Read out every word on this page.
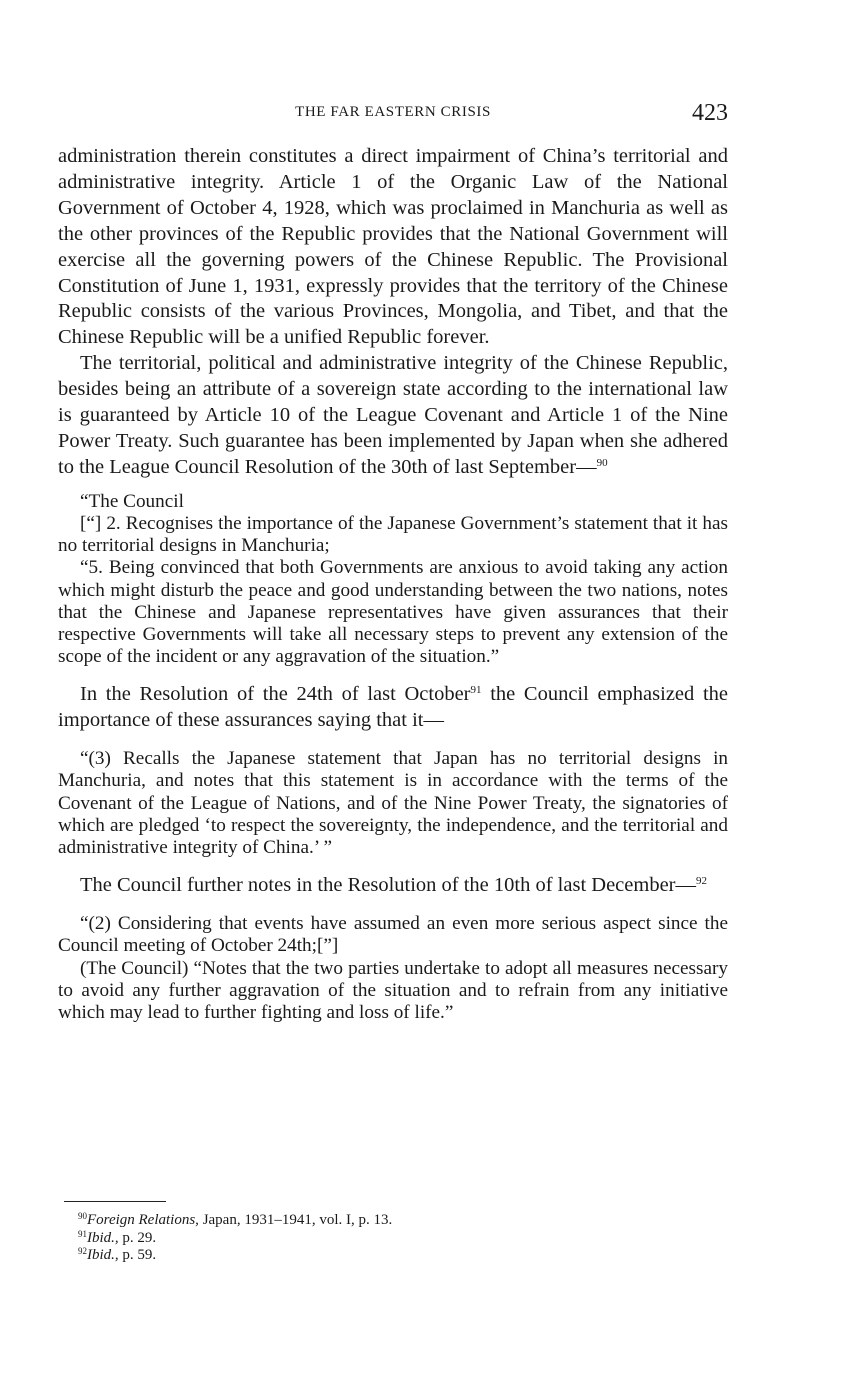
THE FAR EASTERN CRISIS	423

administration therein constitutes a direct impairment of China’s territorial and administrative integrity. Article 1 of the Organic Law of the National Government of October 4, 1928, which was proclaimed in Manchuria as well as the other provinces of the Republic provides that the National Government will exercise all the governing powers of the Chinese Republic. The Provisional Constitution of June 1, 1931, expressly provides that the territory of the Chinese Republic consists of the various Provinces, Mongolia, and Tibet, and that the Chinese Republic will be a unified Republic forever.

The territorial, political and administrative integrity of the Chinese Republic, besides being an attribute of a sovereign state according to the international law is guaranteed by Article 10 of the League Covenant and Article 1 of the Nine Power Treaty. Such guarantee has been implemented by Japan when she adhered to the League Council Resolution of the 30th of last September—$^{90}$

“The Council

[“] 2. Recognises the importance of the Japanese Government’s statement that it has no territorial designs in Manchuria;

“5. Being convinced that both Governments are anxious to avoid taking any action which might disturb the peace and good understanding between the two nations, notes that the Chinese and Japanese representatives have given assurances that their respective Governments will take all necessary steps to prevent any extension of the scope of the incident or any aggravation of the situation.”

In the Resolution of the 24th of last October$^{91}$ the Council emphasized the importance of these assurances saying that it—

“(3) Recalls the Japanese statement that Japan has no territorial designs in Manchuria, and notes that this statement is in accordance with the terms of the Covenant of the League of Nations, and of the Nine Power Treaty, the signatories of which are pledged ‘to respect the sovereignty, the independence, and the territorial and administrative integrity of China.’ ”

The Council further notes in the Resolution of the 10th of last December—$^{92}$

“(2) Considering that events have assumed an even more serious aspect since the Council meeting of October 24th;[”]

(The Council) “Notes that the two parties undertake to adopt all measures necessary to avoid any further aggravation of the situation and to refrain from any initiative which may lead to further fighting and loss of life.”

$^{90}$Foreign Relations, Japan, 1931–1941, vol. I, p. 13.

$^{91}$Ibid., p. 29.

$^{92}$Ibid., p. 59.
